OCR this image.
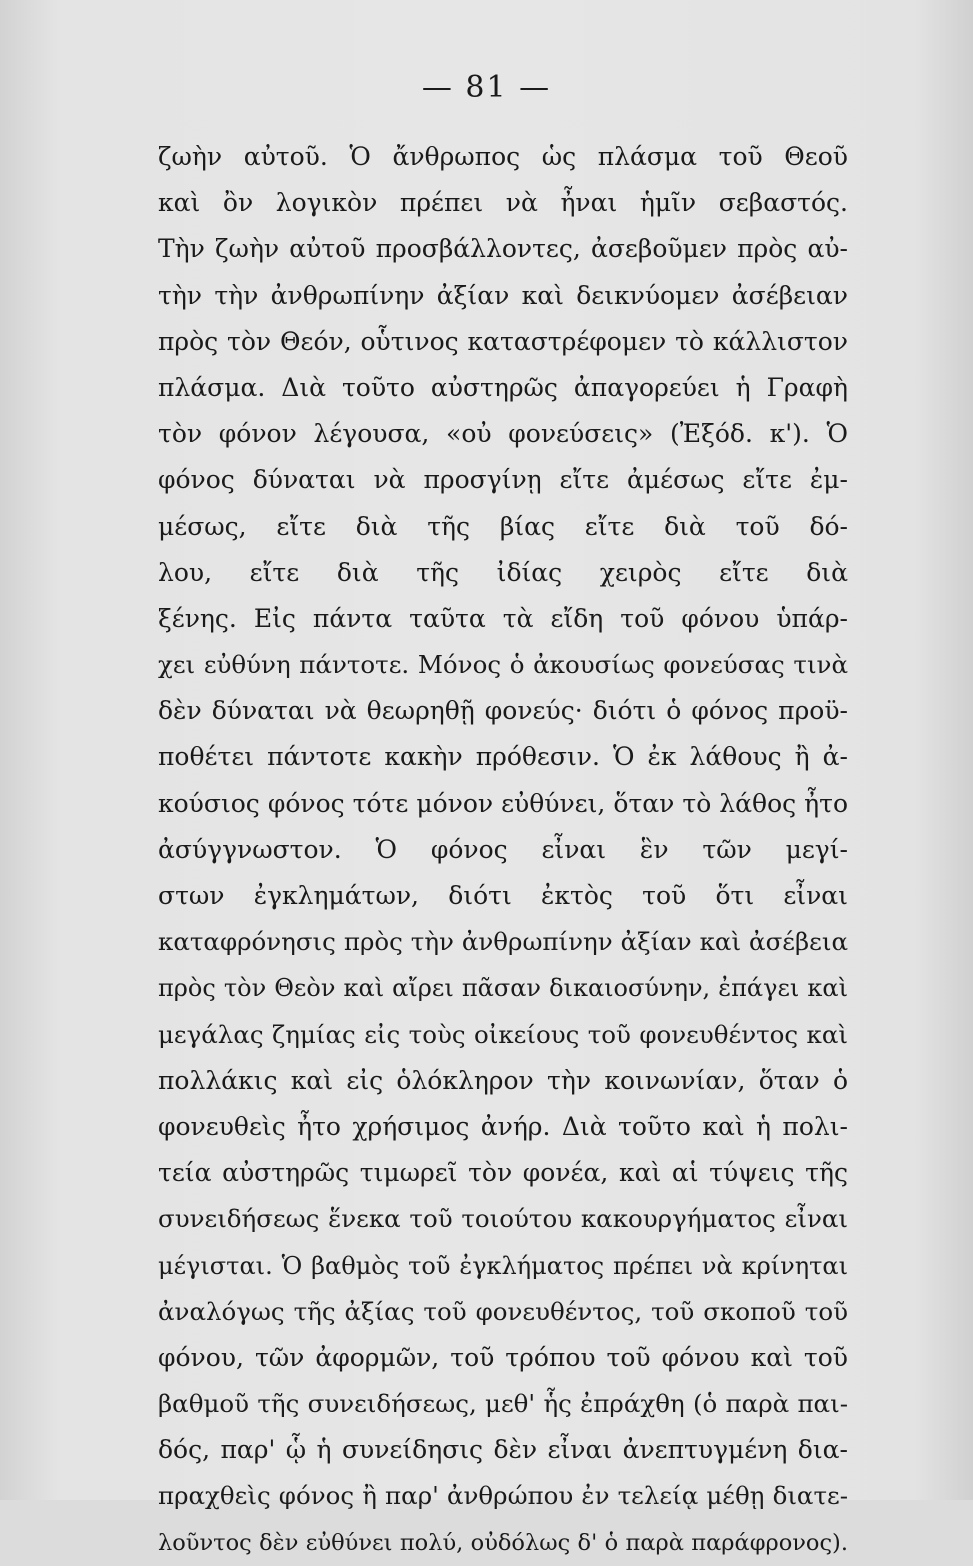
— 81 —
ζωὴν αὐτοῦ. Ὁ ἄνθρωπος ὡς πλάσμα τοῦ Θεοῦ
καὶ ὂν λογικὸν πρέπει νὰ ἦναι ἡμῖν σεβαστός.
Τὴν ζωὴν αὐτοῦ προσβάλλοντες, ἀσεβοῦμεν πρὸς αὐ-
τὴν τὴν ἀνθρωπίνην ἀξίαν καὶ δεικνύομεν ἀσέβειαν
πρὸς τὸν Θεόν, οὗτινος καταστρέφομεν τὸ κάλλιστον
πλάσμα. Διὰ τοῦτο αὐστηρῶς ἀπαγορεύει ἡ Γραφὴ
τὸν φόνον λέγουσα, «οὐ φονεύσεις» (Ἐξόδ. κ'). Ὁ
φόνος δύναται νὰ προσγίνῃ εἴτε ἀμέσως εἴτε ἐμ-
μέσως, εἴτε διὰ τῆς βίας εἴτε διὰ τοῦ δό-
λου, εἴτε διὰ τῆς ἰδίας χειρὸς εἴτε διὰ
ξένης. Εἰς πάντα ταῦτα τὰ εἴδη τοῦ φόνου ὑπάρ-
χει εὐθύνη πάντοτε. Μόνος ὁ ἀκουσίως φονεύσας τινὰ
δὲν δύναται νὰ θεωρηθῇ φονεύς· διότι ὁ φόνος προϋ-
ποθέτει πάντοτε κακὴν πρόθεσιν. Ὁ ἐκ λάθους ἢ ἀ-
κούσιος φόνος τότε μόνον εὐθύνει, ὅταν τὸ λάθος ἦτο
ἀσύγγνωστον. Ὁ φόνος εἶναι ἓν τῶν μεγί-
στων ἐγκλημάτων, διότι ἐκτὸς τοῦ ὅτι εἶναι
καταφρόνησις πρὸς τὴν ἀνθρωπίνην ἀξίαν καὶ ἀσέβεια
πρὸς τὸν Θεὸν καὶ αἴρει πᾶσαν δικαιοσύνην, ἐπάγει καὶ
μεγάλας ζημίας εἰς τοὺς οἰκείους τοῦ φονευθέντος καὶ
πολλάκις καὶ εἰς ὁλόκληρον τὴν κοινωνίαν, ὅταν ὁ
φονευθεὶς ἦτο χρήσιμος ἀνήρ. Διὰ τοῦτο καὶ ἡ πολι-
τεία αὐστηρῶς τιμωρεῖ τὸν φονέα, καὶ αἱ τύψεις τῆς
συνειδήσεως ἕνεκα τοῦ τοιούτου κακουργήματος εἶναι
μέγισται. Ὁ βαθμὸς τοῦ ἐγκλήματος πρέπει νὰ κρίνηται
ἀναλόγως τῆς ἀξίας τοῦ φονευθέντος, τοῦ σκοποῦ τοῦ
φόνου, τῶν ἀφορμῶν, τοῦ τρόπου τοῦ φόνου καὶ τοῦ
βαθμοῦ τῆς συνειδήσεως, μεθ' ἧς ἐπράχθη (ὁ παρὰ παι-
δός, παρ' ᾧ ἡ συνείδησις δὲν εἶναι ἀνεπτυγμένη δια-
πραχθεὶς φόνος ἢ παρ' ἀνθρώπου ἐν τελείᾳ μέθῃ διατε-
λοῦντος δὲν εὐθύνει πολύ, οὐδόλως δ' ὁ παρὰ παράφρονος).
